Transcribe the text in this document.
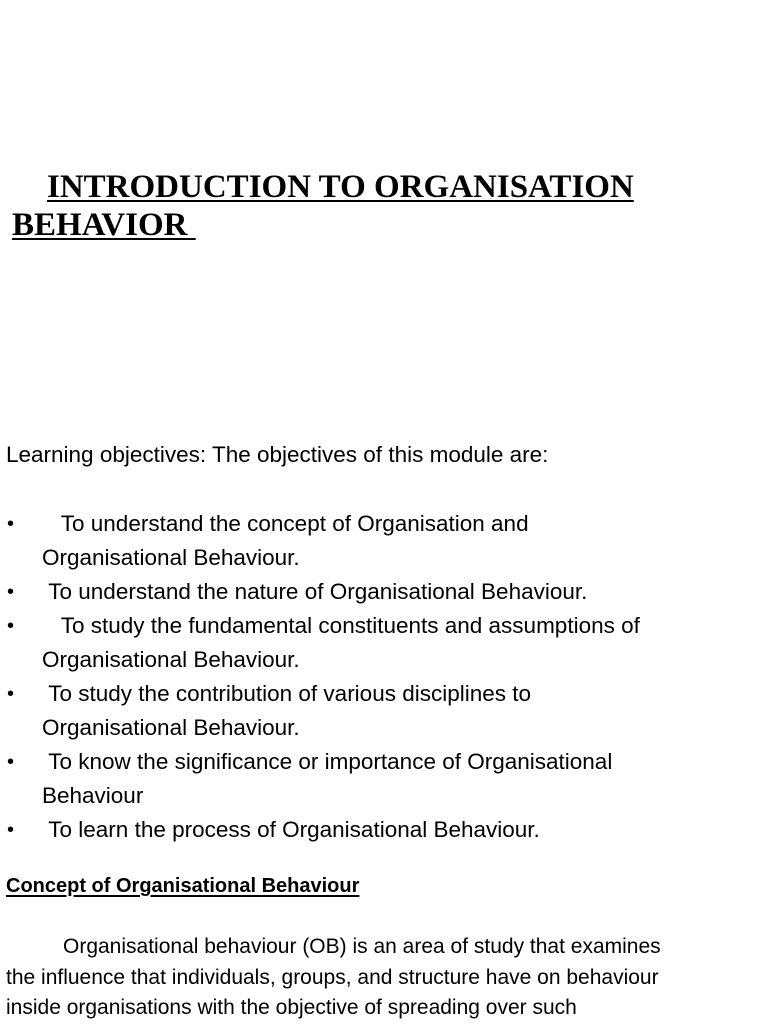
INTRODUCTION TO ORGANISATION
BEHAVIOR
Learning objectives: The objectives of this module are:
• To understand the concept of Organisation and
Organisational Behaviour.
• To understand the nature of Organisational Behaviour.
• To study the fundamental constituents and assumptions of
Organisational Behaviour.
• To study the contribution of various disciplines to
Organisational Behaviour.
• To know the significance or importance of Organisational
Behaviour
• To learn the process of Organisational Behaviour.
Concept of Organisational Behaviour

Organisational behaviour (OB) is an area of study that examines
the influence that individuals, groups, and structure have on behaviour
inside organisations with the objective of spreading over such
